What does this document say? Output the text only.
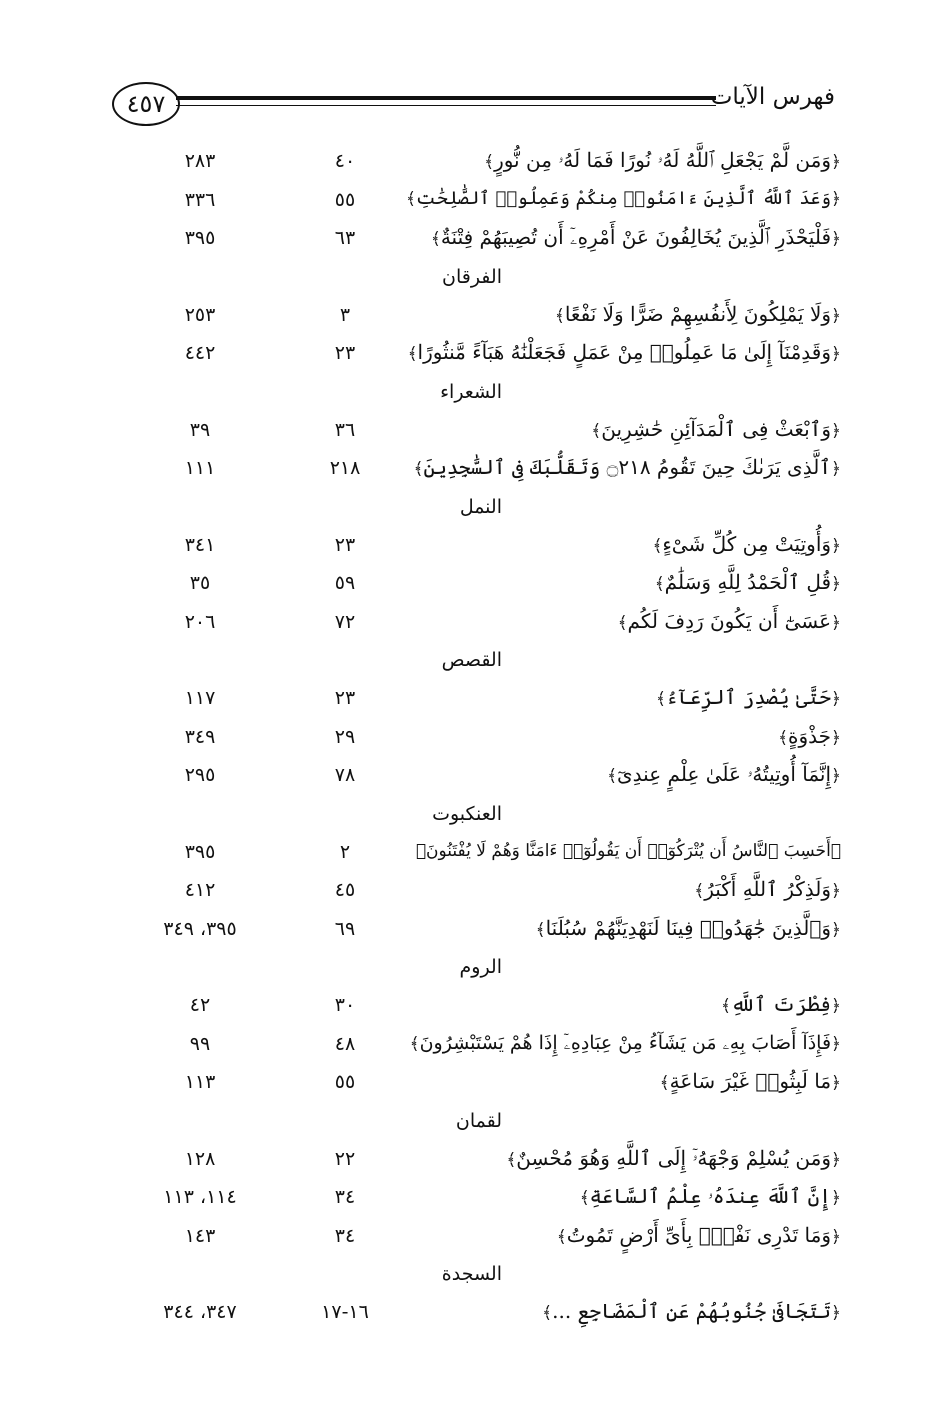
٤٥٧	فهرس الآيات
﴿وَمَن لَّمْ يَجْعَلِ ٱللَّهُ لَهُۥ نُورًا فَمَا لَهُۥ مِن نُّورٍ﴾
٤٠
٢٨٣
﴿وَعَدَ ٱللَّهُ ٱلَّذِينَ ءَامَنُوا۟ مِنكُمْ وَعَمِلُوا۟ ٱلصَّٰلِحَٰتِ﴾
٥٥
٣٣٦
﴿فَلْيَحْذَرِ ٱلَّذِينَ يُخَالِفُونَ عَنْ أَمْرِهِۦٓ أَن تُصِيبَهُمْ فِتْنَةٌ﴾
٦٣
٣٩٥
الفرقان
﴿وَلَا يَمْلِكُونَ لِأَنفُسِهِمْ ضَرًّا وَلَا نَفْعًا﴾
٣
٢٥٣
﴿وَقَدِمْنَآ إِلَىٰ مَا عَمِلُوا۟ مِنْ عَمَلٍ فَجَعَلْنَٰهُ هَبَآءً مَّنثُورًا﴾
٢٣
٤٤٢
الشعراء
﴿وَٱبْعَثْ فِى ٱلْمَدَآئِنِ حَٰشِرِينَ﴾
٣٦
٣٩
﴿ٱلَّذِى يَرَىٰكَ حِينَ تَقُومُ ۝٢١٨ وَتَقَلُّبَكَ فِى ٱلسَّٰجِدِينَ﴾
٢١٨
١١١
النمل
﴿وَأُوتِيَتْ مِن كُلِّ شَىْءٍ﴾
٢٣
٣٤١
﴿قُلِ ٱلْحَمْدُ لِلَّهِ وَسَلَٰمٌ﴾
٥٩
٣٥
﴿عَسَىٰٓ أَن يَكُونَ رَدِفَ لَكُم﴾
٧٢
٢٠٦
القصص
﴿حَتَّىٰ يُصْدِرَ ٱلرِّعَآءُ﴾
٢٣
١١٧
﴿جَذْوَةٍ﴾
٢٩
٣٤٩
﴿إِنَّمَآ أُوتِيتُهُۥ عَلَىٰ عِلْمٍ عِندِىٓ﴾
٧٨
٢٩٥
العنكبوت
﴿أَحَسِبَ ٱلنَّاسُ أَن يُتْرَكُوٓا۟ أَن يَقُولُوٓا۟ ءَامَنَّا وَهُمْ لَا يُفْتَنُونَ﴾
٢
٣٩٥
﴿وَلَذِكْرُ ٱللَّهِ أَكْبَرُ﴾
٤٥
٤١٢
﴿وَٱلَّذِينَ جَٰهَدُوا۟ فِينَا لَنَهْدِيَنَّهُمْ سُبُلَنَا﴾
٦٩
٣٩٥، ٣٤٩
الروم
﴿فِطْرَتَ ٱللَّهِ﴾
٣٠
٤٢
﴿فَإِذَآ أَصَابَ بِهِۦ مَن يَشَآءُ مِنْ عِبَادِهِۦٓ إِذَا هُمْ يَسْتَبْشِرُونَ﴾
٤٨
٩٩
﴿مَا لَبِثُوا۟ غَيْرَ سَاعَةٍ﴾
٥٥
١١٣
لقمان
﴿وَمَن يُسْلِمْ وَجْهَهُۥٓ إِلَى ٱللَّهِ وَهُوَ مُحْسِنٌ﴾
٢٢
١٢٨
﴿إِنَّ ٱللَّهَ عِندَهُۥ عِلْمُ ٱلسَّاعَةِ﴾
٣٤
١١٤، ١١٣
﴿وَمَا تَدْرِى نَفْسٌۢ بِأَىِّ أَرْضٍ تَمُوتُ﴾
٣٤
١٤٣
السجدة
﴿تَتَجَافَىٰ جُنُوبُهُمْ عَنِ ٱلْمَضَاجِعِ ...﴾
١٦-١٧
٣٤٧، ٣٤٤
